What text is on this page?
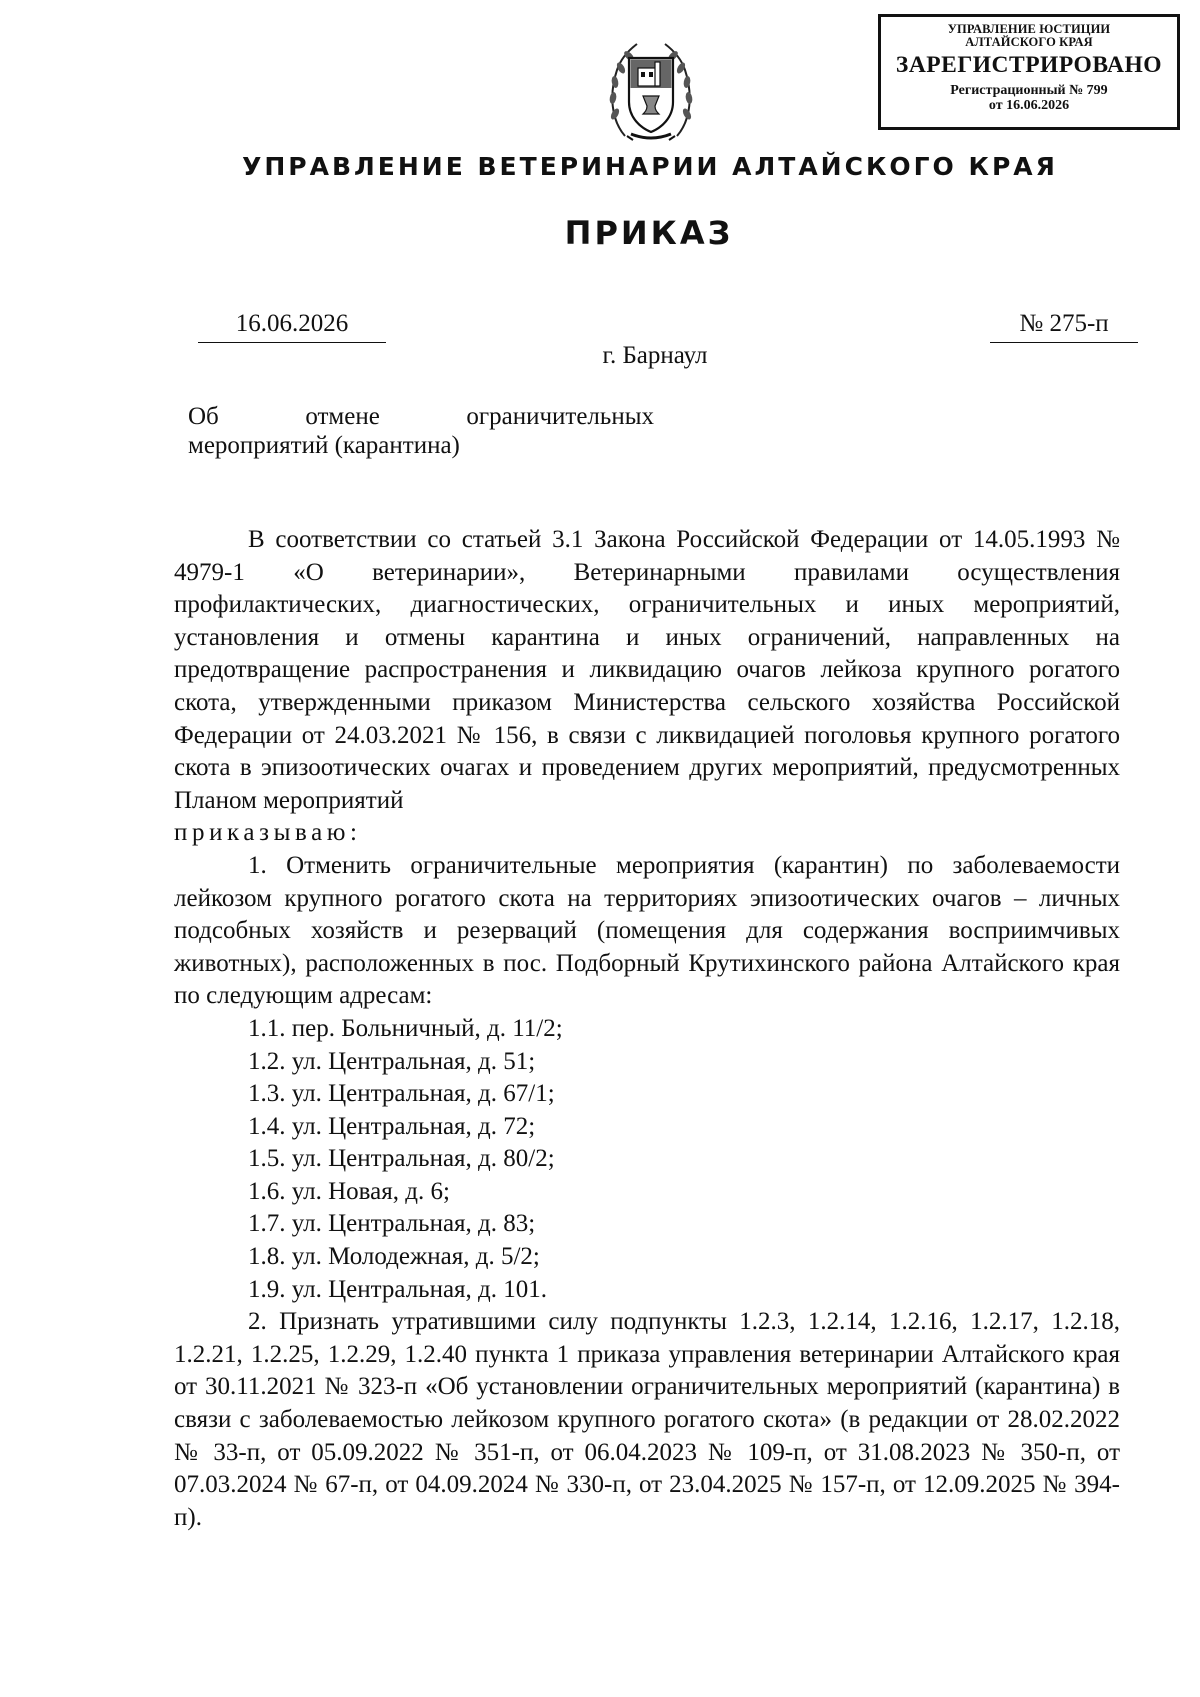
УПРАВЛЕНИЕ ЮСТИЦИИ
АЛТАЙСКОГО КРАЯ
ЗАРЕГИСТРИРОВАНО
Регистрационный № 799
от 16.06.2026
УПРАВЛЕНИЕ ВЕТЕРИНАРИИ АЛТАЙСКОГО КРАЯ
ПРИКАЗ
16.06.2026	№ 275-п
г. Барнаул
Об отмене ограничительных
мероприятий (карантина)

В соответствии со статьей 3.1 Закона Российской Федерации от 14.05.1993 № 4979-1 «О ветеринарии», Ветеринарными правилами осуществления профилактических, диагностических, ограничительных и иных мероприятий, установления и отмены карантина и иных ограничений, направленных на предотвращение распространения и ликвидацию очагов лейкоза крупного рогатого скота, утвержденными приказом Министерства сельского хозяйства Российской Федерации от 24.03.2021 № 156, в связи с ликвидацией поголовья крупного рогатого скота в эпизоотических очагах и проведением других мероприятий, предусмотренных Планом мероприятий

приказываю:

1. Отменить ограничительные мероприятия (карантин) по заболеваемости лейкозом крупного рогатого скота на территориях эпизоотических очагов – личных подсобных хозяйств и резерваций (помещения для содержания восприимчивых животных), расположенных в пос. Подборный Крутихинского района Алтайского края по следующим адресам:

1.1. пер. Больничный, д. 11/2;

1.2. ул. Центральная, д. 51;

1.3. ул. Центральная, д. 67/1;

1.4. ул. Центральная, д. 72;

1.5. ул. Центральная, д. 80/2;

1.6. ул. Новая, д. 6;

1.7. ул. Центральная, д. 83;

1.8. ул. Молодежная, д. 5/2;

1.9. ул. Центральная, д. 101.

2. Признать утратившими силу подпункты 1.2.3, 1.2.14, 1.2.16, 1.2.17, 1.2.18, 1.2.21, 1.2.25, 1.2.29, 1.2.40 пункта 1 приказа управления ветеринарии Алтайского края от 30.11.2021 № 323-п «Об установлении ограничительных мероприятий (карантина) в связи с заболеваемостью лейкозом крупного рогатого скота» (в редакции от 28.02.2022 № 33-п, от 05.09.2022 № 351-п, от 06.04.2023 № 109-п, от 31.08.2023 № 350-п, от 07.03.2024 № 67-п, от 04.09.2024 № 330-п, от 23.04.2025 № 157-п, от 12.09.2025 № 394-п).
